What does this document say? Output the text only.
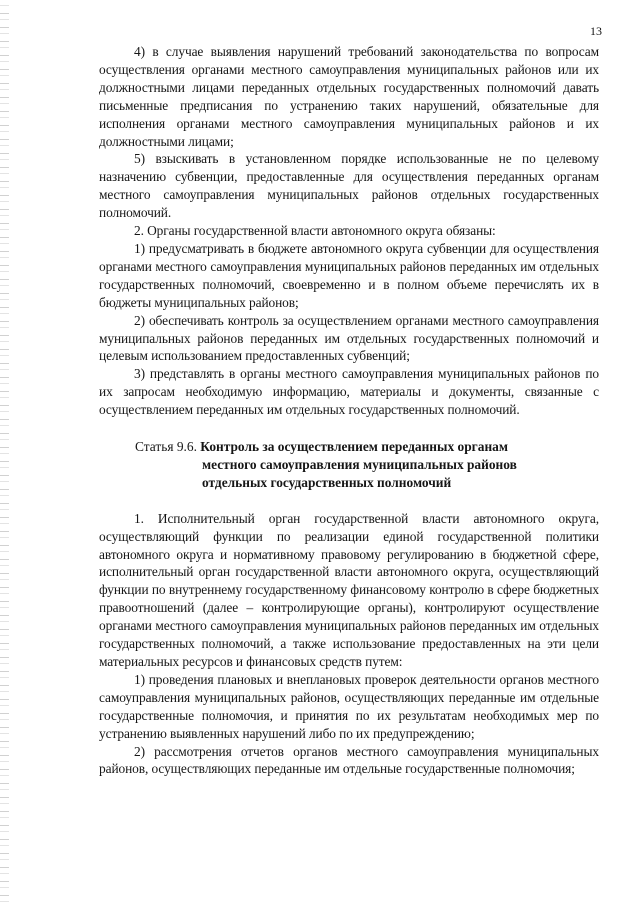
13

4) в случае выявления нарушений требований законодательства по вопросам осуществления органами местного самоуправления муниципальных районов или их должностными лицами переданных отдельных государственных полномочий давать письменные предписания по устранению таких нарушений, обязательные для исполнения органами местного самоуправления муниципальных районов и их должностными лицами;

5) взыскивать в установленном порядке использованные не по целевому назначению субвенции, предоставленные для осуществления переданных органам местного самоуправления муниципальных районов отдельных государственных полномочий.

2. Органы государственной власти автономного округа обязаны:

1) предусматривать в бюджете автономного округа субвенции для осуществления органами местного самоуправления муниципальных районов переданных им отдельных государственных полномочий, своевременно и в полном объеме перечислять их в бюджеты муниципальных районов;

2) обеспечивать контроль за осуществлением органами местного самоуправления муниципальных районов переданных им отдельных государственных полномочий и целевым использованием предоставленных субвенций;

3) представлять в органы местного самоуправления муниципальных районов по их запросам необходимую информацию, материалы и документы, связанные с осуществлением переданных им отдельных государственных полномочий.

Статья 9.6. Контроль за осуществлением переданных органам
местного самоуправления муниципальных районов
отдельных государственных полномочий

1. Исполнительный орган государственной власти автономного округа, осуществляющий функции по реализации единой государственной политики автономного округа и нормативному правовому регулированию в бюджетной сфере, исполнительный орган государственной власти автономного округа, осуществляющий функции по внутреннему государственному финансовому контролю в сфере бюджетных правоотношений (далее – контролирующие органы), контролируют осуществление органами местного самоуправления муниципальных районов переданных им отдельных государственных полномочий, а также использование предоставленных на эти цели материальных ресурсов и финансовых средств путем:

1) проведения плановых и внеплановых проверок деятельности органов местного самоуправления муниципальных районов, осуществляющих переданные им отдельные государственные полномочия, и принятия по их результатам необходимых мер по устранению выявленных нарушений либо по их предупреждению;

2) рассмотрения отчетов органов местного самоуправления муниципальных районов, осуществляющих переданные им отдельные государственные полномочия;
